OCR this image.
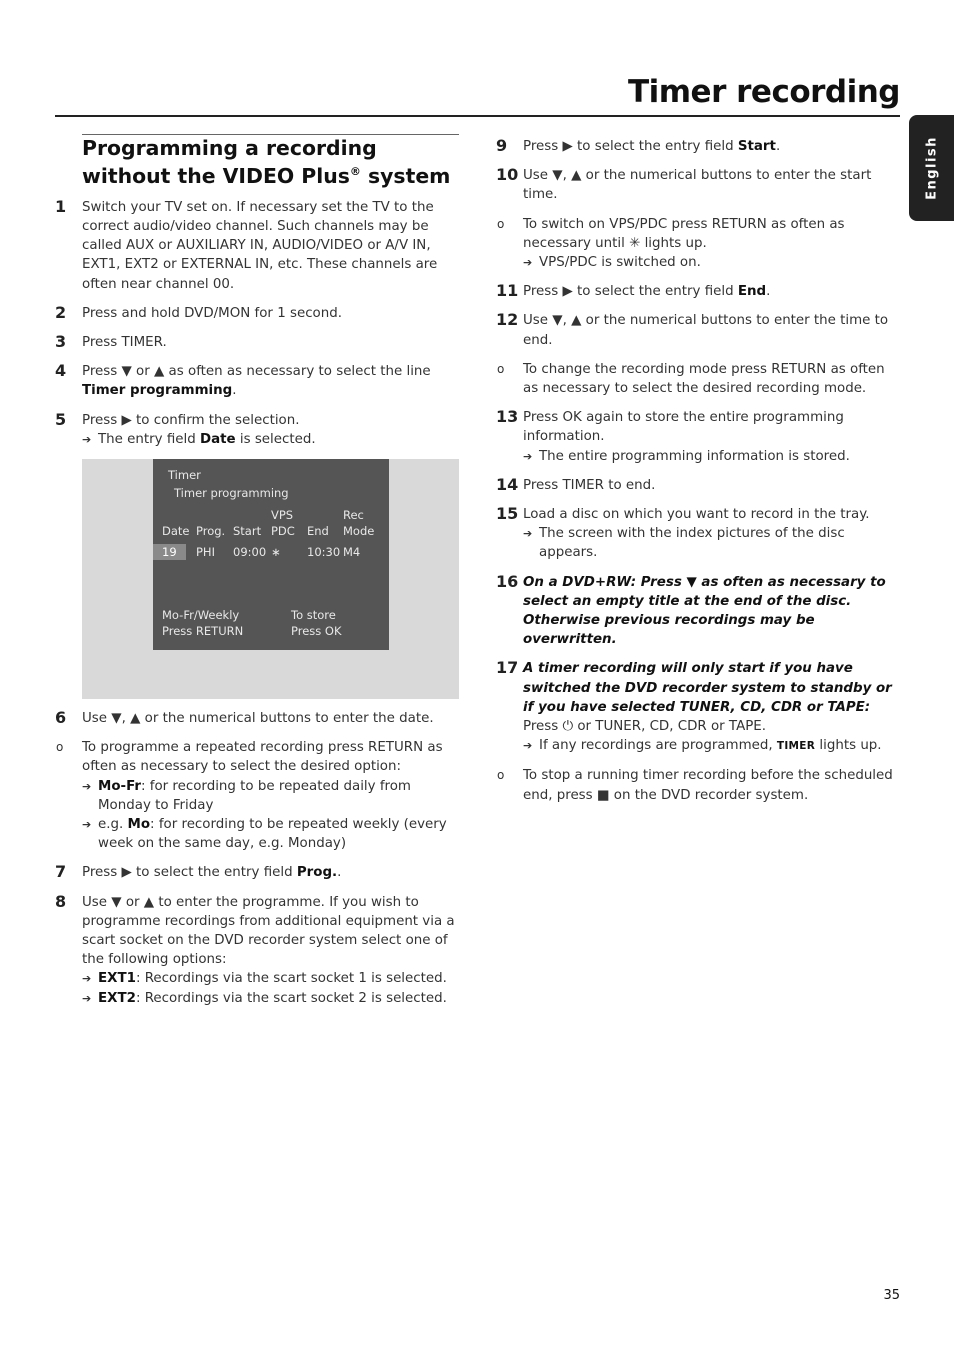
Timer recording
English
Programming a recording
without the VIDEO Plus® system
1 Switch your TV set on. If necessary set the TV to the correct audio/video channel. Such channels may be called AUX or AUXILIARY IN, AUDIO/VIDEO or A/V IN, EXT1, EXT2 or EXTERNAL IN, etc. These channels are often near channel 00.
2 Press and hold DVD/MON for 1 second.
3 Press TIMER.
4 Press ▼ or ▲ as often as necessary to select the line Timer programming.
5 Press ▶ to confirm the selection.
➔ The entry field Date is selected.
Timer
Timer programming
Date Prog. Start
VPS
PDC End
Rec
Mode
19	PHI 09:00 ∗ 10:30 M4
Mo-Fr/Weekly
Press RETURN
To store
Press OK
6 Use ▼, ▲ or the numerical buttons to enter the date.
o To programme a repeated recording press RETURN as often as necessary to select the desired option:
➔ Mo-Fr: for recording to be repeated daily from Monday to Friday
➔ e.g. Mo: for recording to be repeated weekly (every week on the same day, e.g. Monday)
7 Press ▶ to select the entry field Prog..
8 Use ▼ or ▲ to enter the programme. If you wish to programme recordings from additional equipment via a scart socket on the DVD recorder system select one of the following options:
➔ EXT1: Recordings via the scart socket 1 is selected.
➔ EXT2: Recordings via the scart socket 2 is selected.
9 Press ▶ to select the entry field Start.
10 Use ▼, ▲ or the numerical buttons to enter the start time.
o To switch on VPS/PDC press RETURN as often as necessary until ✳ lights up.
➔ VPS/PDC is switched on.
11 Press ▶ to select the entry field End.
12 Use ▼, ▲ or the numerical buttons to enter the time to end.
o To change the recording mode press RETURN as often as necessary to select the desired recording mode.
13 Press OK again to store the entire programming information.
➔ The entire programming information is stored.
14 Press TIMER to end.
15 Load a disc on which you want to record in the tray.
➔ The screen with the index pictures of the disc appears.
16 On a DVD+RW: Press ▼ as often as necessary to select an empty title at the end of the disc. Otherwise previous recordings may be overwritten.
17 A timer recording will only start if you have switched the DVD recorder system to standby or if you have selected TUNER, CD, CDR or TAPE: Press ⏻ or TUNER, CD, CDR or TAPE.
➔ If any recordings are programmed, TIMER lights up.
o To stop a running timer recording before the scheduled end, press ■ on the DVD recorder system.
35
